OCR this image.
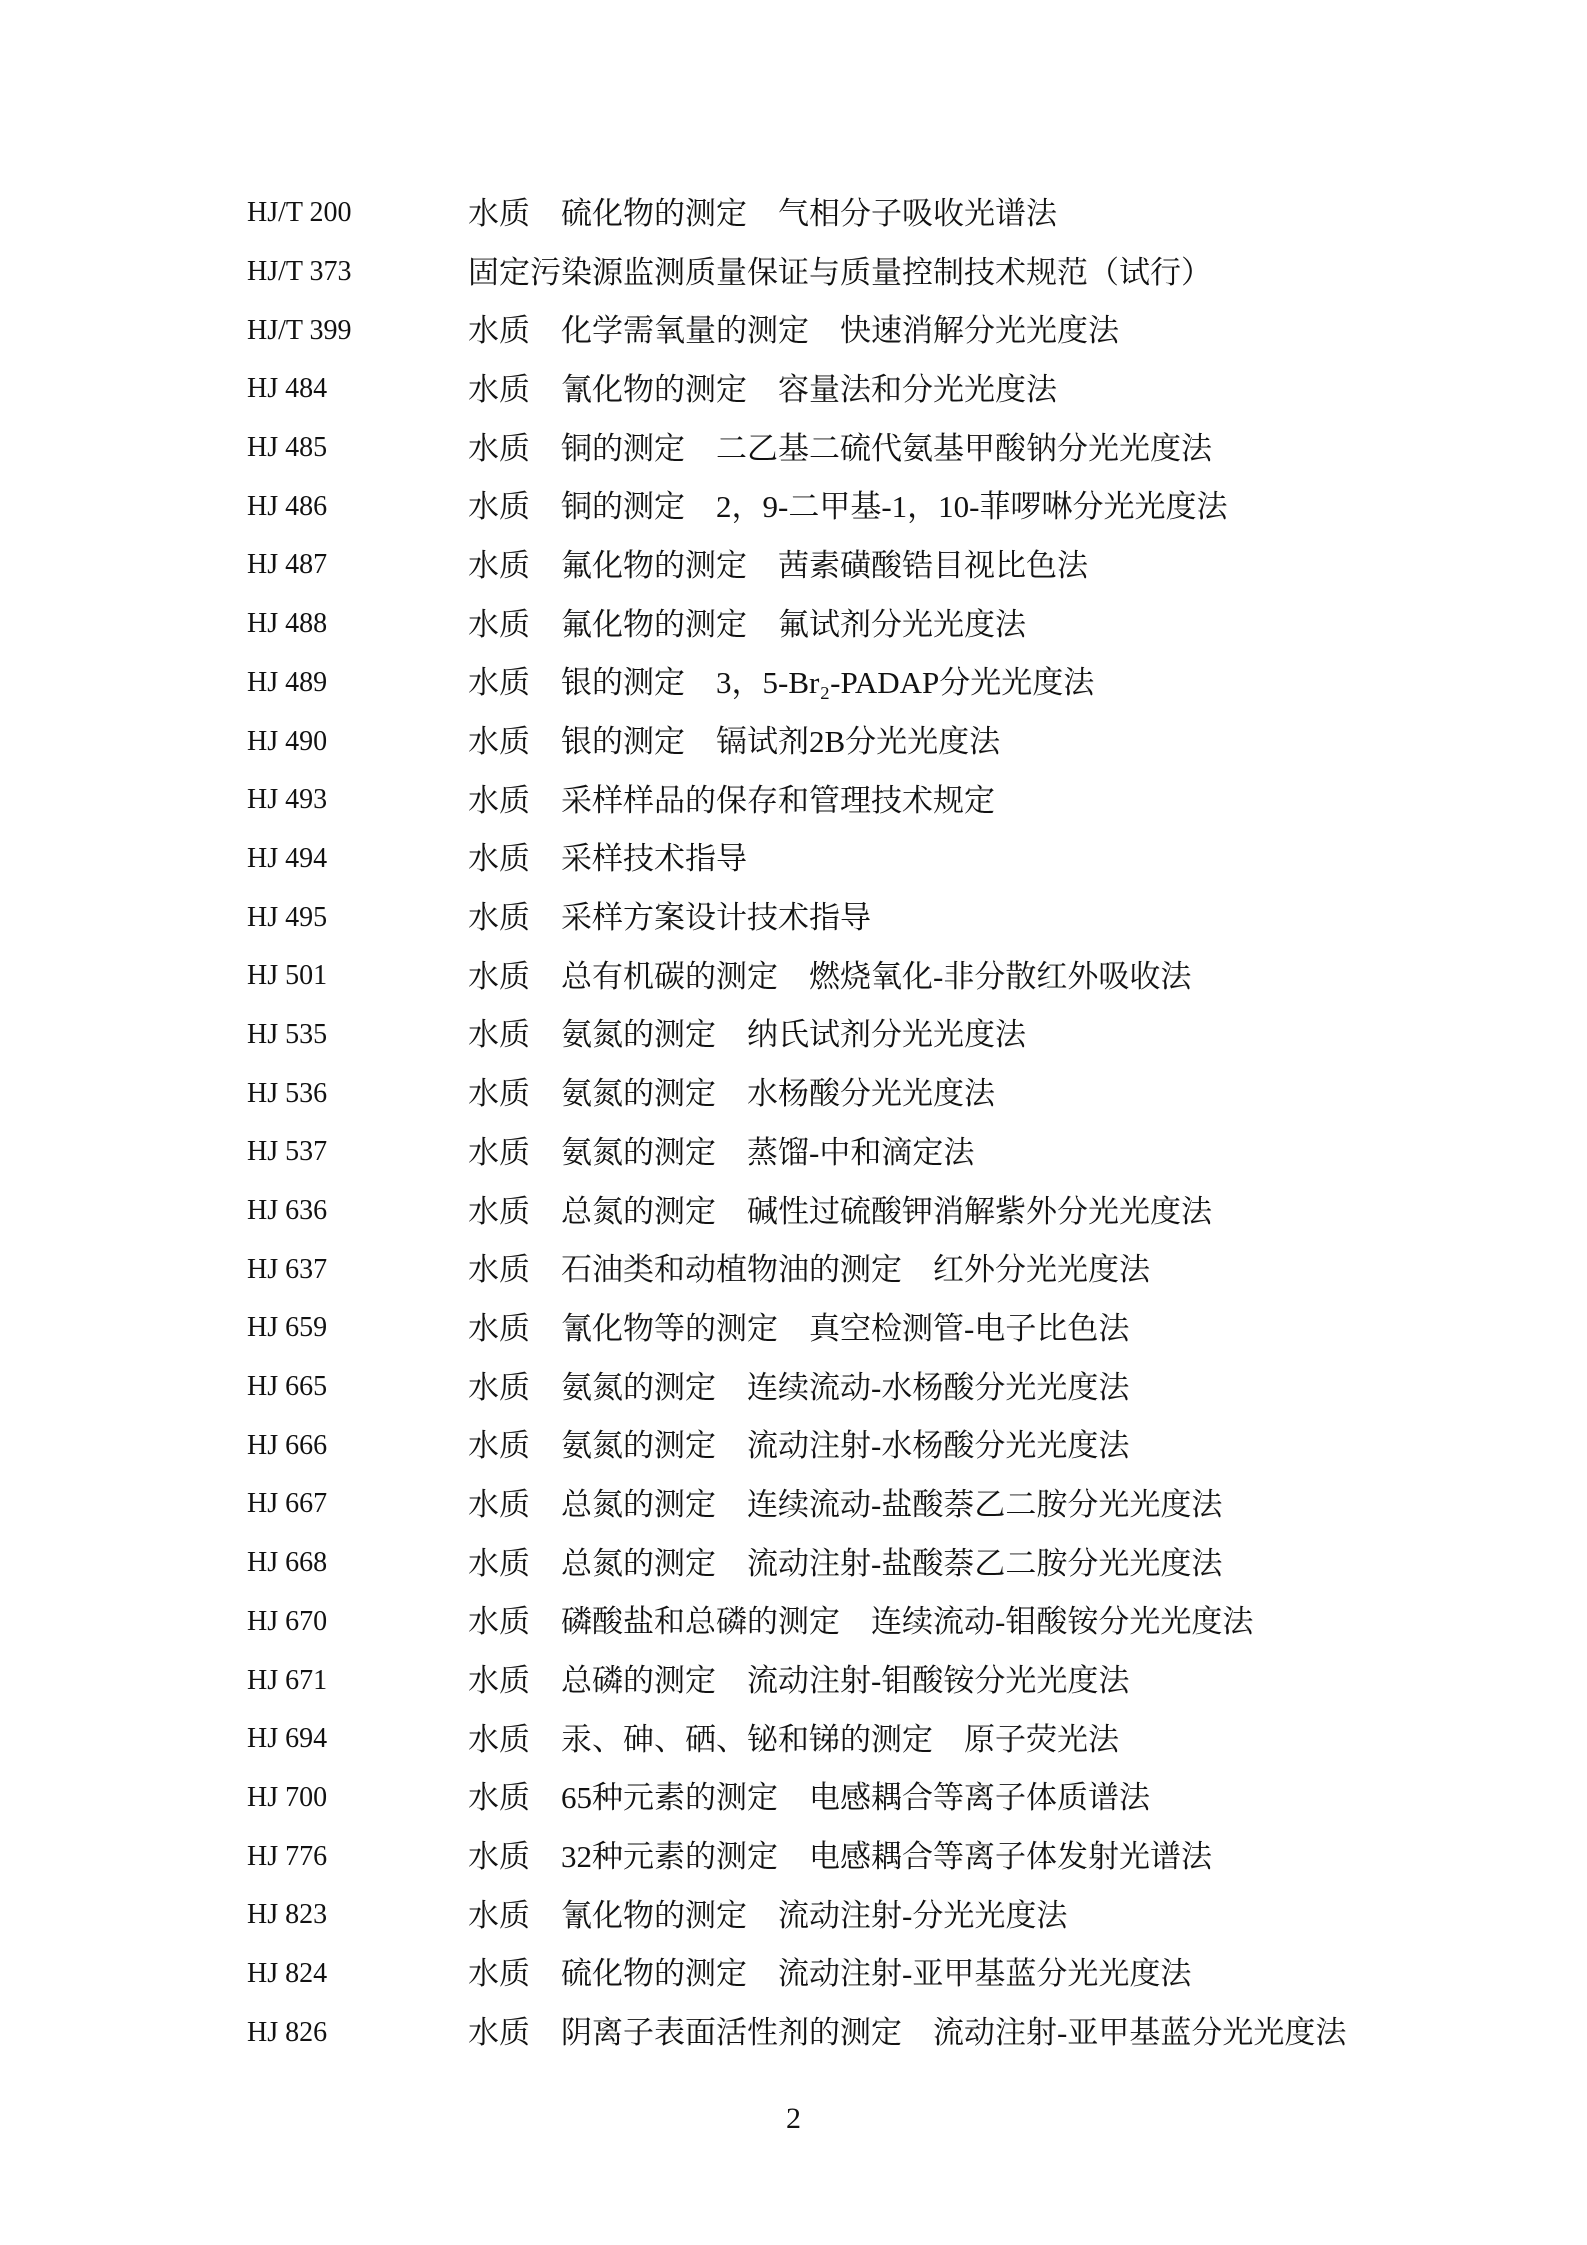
HJ/T 200	水质　硫化物的测定　气相分子吸收光谱法
HJ/T 373	固定污染源监测质量保证与质量控制技术规范（试行）
HJ/T 399	水质　化学需氧量的测定　快速消解分光光度法
HJ 484	水质　氰化物的测定　容量法和分光光度法
HJ 485	水质　铜的测定　二乙基二硫代氨基甲酸钠分光光度法
HJ 486	水质　铜的测定　2，9-二甲基-1，10-菲啰啉分光光度法
HJ 487	水质　氟化物的测定　茜素磺酸锆目视比色法
HJ 488	水质　氟化物的测定　氟试剂分光光度法
HJ 489	水质　银的测定　3，5-Br₂-PADAP分光光度法
HJ 490	水质　银的测定　镉试剂2B分光光度法
HJ 493	水质　采样样品的保存和管理技术规定
HJ 494	水质　采样技术指导
HJ 495	水质　采样方案设计技术指导
HJ 501	水质　总有机碳的测定　燃烧氧化-非分散红外吸收法
HJ 535	水质　氨氮的测定　纳氏试剂分光光度法
HJ 536	水质　氨氮的测定　水杨酸分光光度法
HJ 537	水质　氨氮的测定　蒸馏-中和滴定法
HJ 636	水质　总氮的测定　碱性过硫酸钾消解紫外分光光度法
HJ 637	水质　石油类和动植物油的测定　红外分光光度法
HJ 659	水质　氰化物等的测定　真空检测管-电子比色法
HJ 665	水质　氨氮的测定　连续流动-水杨酸分光光度法
HJ 666	水质　氨氮的测定　流动注射-水杨酸分光光度法
HJ 667	水质　总氮的测定　连续流动-盐酸萘乙二胺分光光度法
HJ 668	水质　总氮的测定　流动注射-盐酸萘乙二胺分光光度法
HJ 670	水质　磷酸盐和总磷的测定　连续流动-钼酸铵分光光度法
HJ 671	水质　总磷的测定　流动注射-钼酸铵分光光度法
HJ 694	水质　汞、砷、硒、铋和锑的测定　原子荧光法
HJ 700	水质　65种元素的测定　电感耦合等离子体质谱法
HJ 776	水质　32种元素的测定　电感耦合等离子体发射光谱法
HJ 823	水质　氰化物的测定　流动注射-分光光度法
HJ 824	水质　硫化物的测定　流动注射-亚甲基蓝分光光度法
HJ 826	水质　阴离子表面活性剂的测定　流动注射-亚甲基蓝分光光度法
2
